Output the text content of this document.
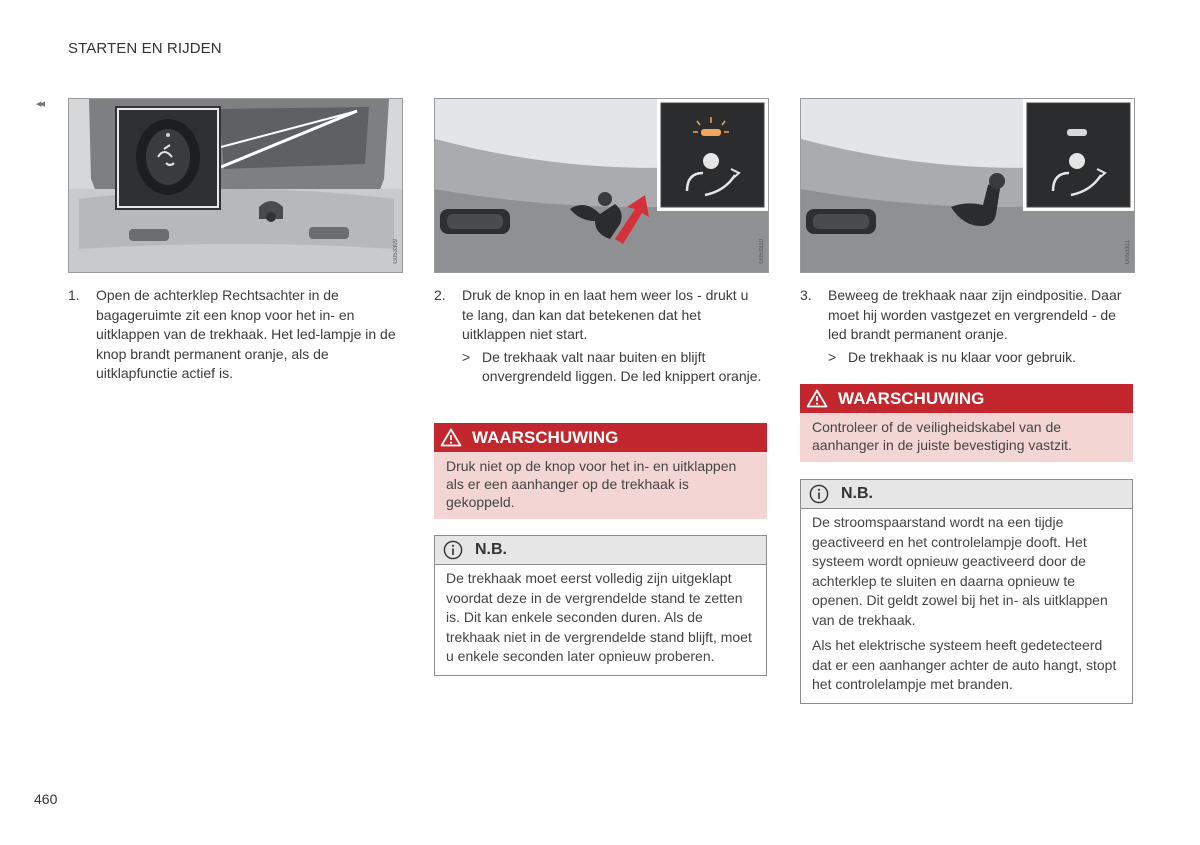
STARTEN EN RIJDEN
◂◂
G053309	G053310	G053311
1.	Open de achterklep Rechtsachter in de bagageruimte zit een knop voor het in- en uitklappen van de trekhaak. Het led-lampje in de knop brandt permanent oranje, als de uitklapfunctie actief is.
2.	Druk de knop in en laat hem weer los - drukt u te lang, dan kan dat betekenen dat het uitklappen niet start.
> De trekhaak valt naar buiten en blijft onvergrendeld liggen. De led knippert oranje.
3.	Beweeg de trekhaak naar zijn eindpositie. Daar moet hij worden vastgezet en vergrendeld - de led brandt permanent oranje.
> De trekhaak is nu klaar voor gebruik.
WAARSCHUWING
Druk niet op de knop voor het in- en uitklappen als er een aanhanger op de trekhaak is gekoppeld.
WAARSCHUWING
Controleer of de veiligheidskabel van de aanhanger in de juiste bevestiging vastzit.
N.B.

De trekhaak moet eerst volledig zijn uitgeklapt voordat deze in de vergrendelde stand te zetten is. Dit kan enkele seconden duren. Als de trekhaak niet in de vergrendelde stand blijft, moet u enkele seconden later opnieuw proberen.

N.B.

De stroomspaarstand wordt na een tijdje geactiveerd en het controlelampje dooft. Het systeem wordt opnieuw geactiveerd door de achterklep te sluiten en daarna opnieuw te openen. Dit geldt zowel bij het in- als uitklappen van de trekhaak.

Als het elektrische systeem heeft gedetecteerd dat er een aanhanger achter de auto hangt, stopt het controlelampje met branden.

460
